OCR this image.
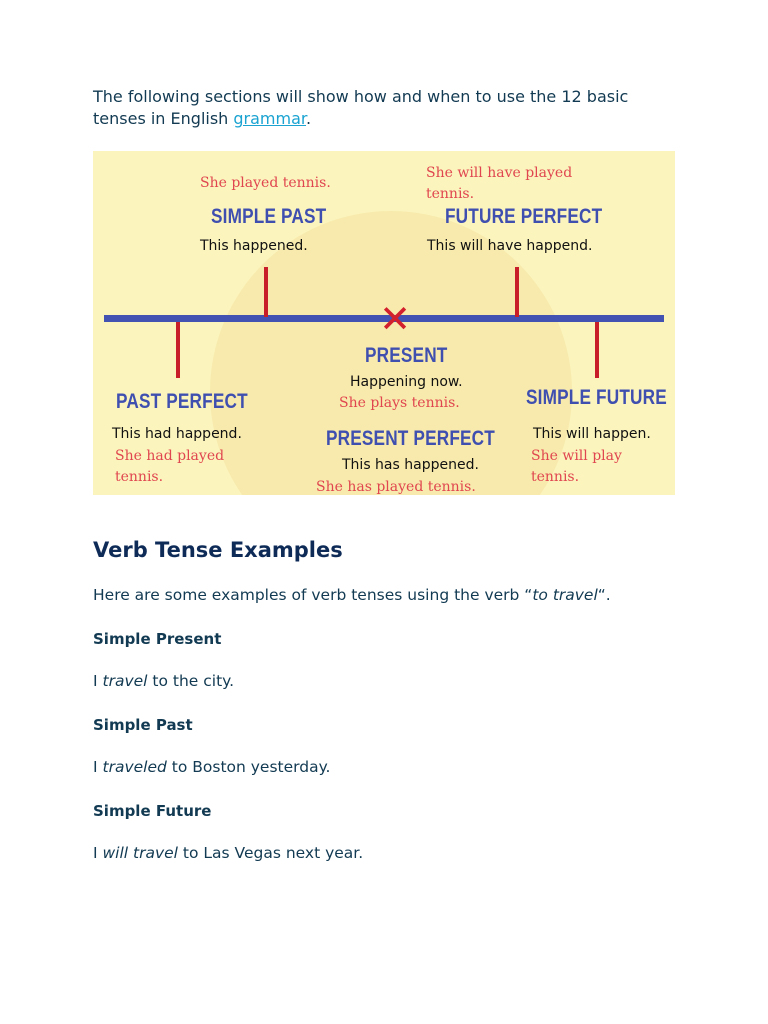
The following sections will show how and when to use the 12 basic tenses in English grammar.
✕
She played tennis.
SIMPLE PAST
This happened.
She will have played
tennis.
FUTURE PERFECT
This will have happend.
PRESENT
Happening now.
She plays tennis.
PAST PERFECT
This had happend.
She had played
tennis.
PRESENT PERFECT
This has happened.
She has played tennis.
SIMPLE FUTURE
This will happen.
She will play
tennis.
Verb Tense Examples
Here are some examples of verb tenses using the verb “to travel“.
Simple Present
I travel to the city.
Simple Past
I traveled to Boston yesterday.
Simple Future
I will travel to Las Vegas next year.
